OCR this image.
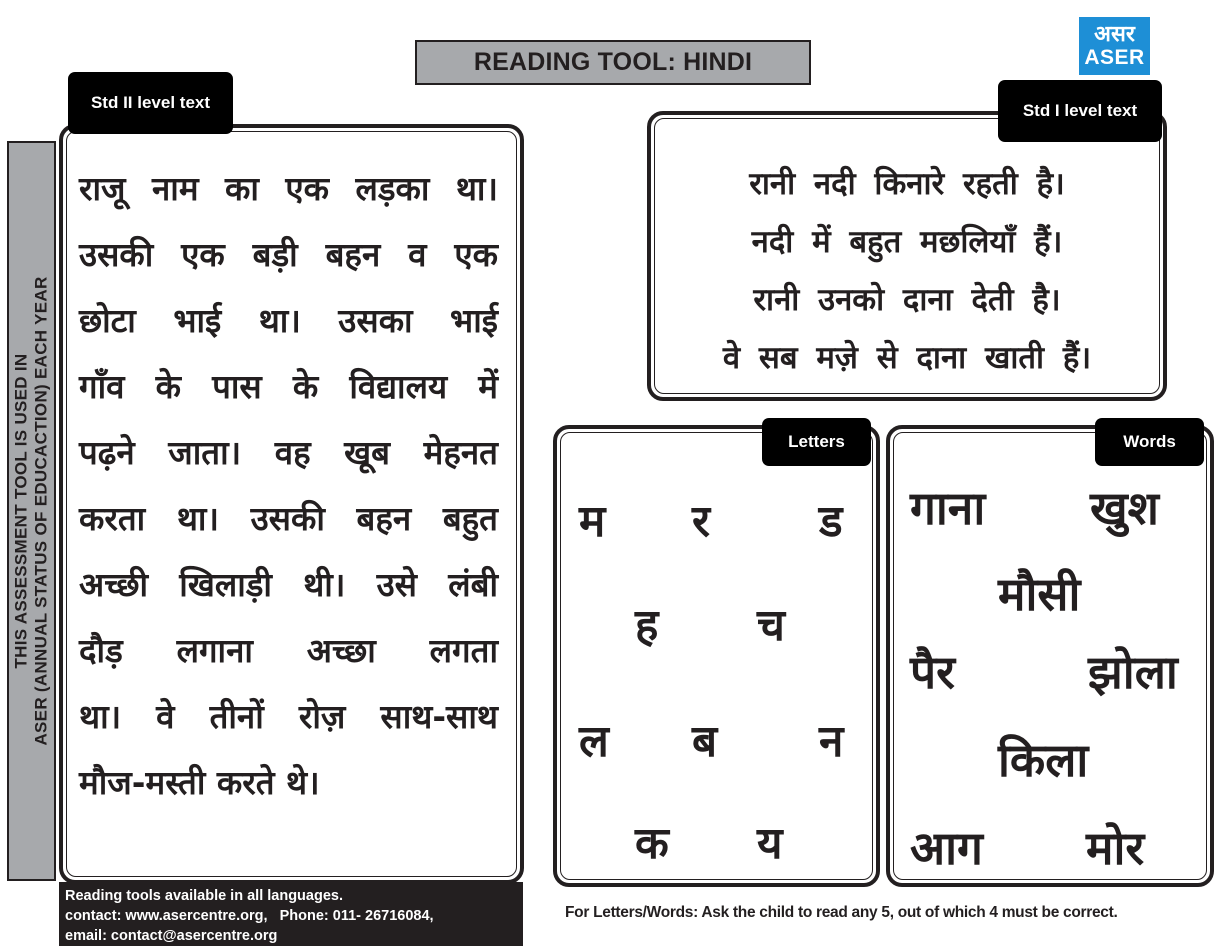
READING TOOL: HINDI
असर
ASER
THIS ASSESSMENT TOOL IS USED IN ASER (ANNUAL STATUS OF EDUCACTION) EACH YEAR
Std II level text
राजू नाम का एक लड़का था।
उसकी एक बड़ी बहन व एक
छोटा भाई था। उसका भाई
गाँव के पास के विद्यालय में
पढ़ने जाता। वह खूब मेहनत
करता था। उसकी बहन बहुत
अच्छी खिलाड़ी थी। उसे लंबी
दौड़ लगाना अच्छा लगता
था। वे तीनों रोज़ साथ-साथ
मौज-मस्ती करते थे।
रानी नदी किनारे रहती है।
नदी में बहुत मछलियाँ हैं।
रानी उनको दाना देती है।
वे सब मज़े से दाना खाती हैं।
Std I level text
म र ड
ह च
ल ब न
क य
Letters
गाना खुश
मौसी
पैर	झोला
किला
आग मोर
Words
Reading tools available in all languages.
contact: www.asercentre.org,   Phone: 011- 26716084,
email: contact@asercentre.org
For Letters/Words: Ask the child to read any 5, out of which 4 must be correct.
